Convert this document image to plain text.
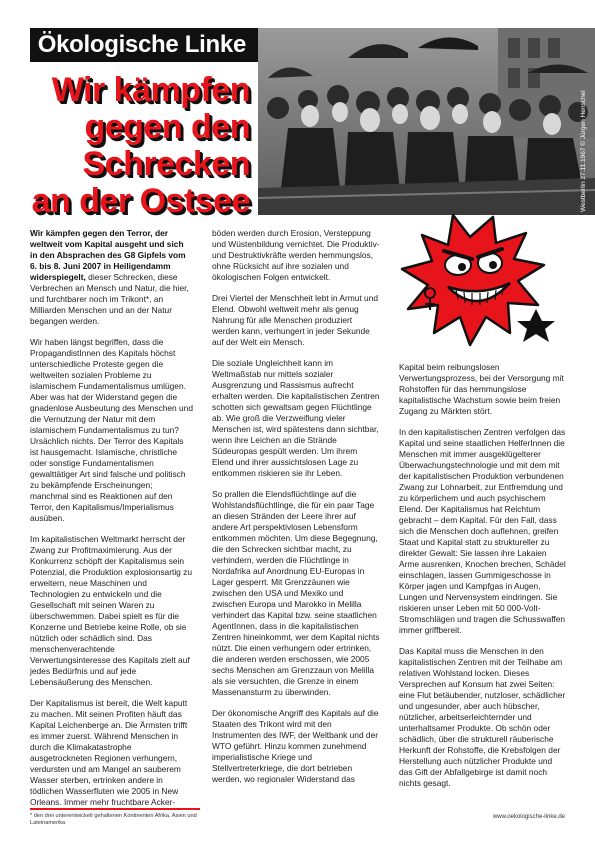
Ökologische Linke
Wir kämpfen
gegen den
Schrecken
an der Ostsee	Westberlin 27.11.1967 © Jürgen Henschel

Wir kämpfen gegen den Terror, der weltweit vom Kapital ausgeht und sich in den Absprachen des G8 Gipfels vom 6. bis 8. Juni 2007 in Heiligendamm widerspiegelt, dieser Schrecken, diese Verbrechen an Mensch und Natur, die hier, und furchtbarer noch im Trikont*, an Milliarden Menschen und an der Natur begangen werden.

Wir haben längst begriffen, dass die PropagandistInnen des Kapitals höchst unterschiedliche Proteste gegen die weltweiten sozialen Probleme zu islamischem Fundamentalismus umlügen. Aber was hat der Widerstand gegen die gnadenlose Ausbeutung des Menschen und die Vernutzung der Natur mit dem islamischem Fundamentalismus zu tun? Ursächlich nichts. Der Terror des Kapitals ist hausgemacht. Islamische, christliche oder sonstige Fundamentalismen gewalttätiger Art sind falsche und politisch zu bekämpfende Erscheinungen; manchmal sind es Reaktionen auf den Terror, den Kapitalismus/Imperialismus ausüben.

Im kapitalistischen Weltmarkt herrscht der Zwang zur Profitmaximierung. Aus der Konkurrenz schöpft der Kapitalismus sein Potenzial, die Produktion explosionsartig zu erweitern, neue Maschinen und Technologien zu entwickeln und die Gesellschaft mit seinen Waren zu überschwemmen. Dabei spielt es für die Konzerne und Betriebe keine Rolle, ob sie nützlich oder schädlich sind. Das menschenverachtende Verwertungsinteresse des Kapitals zielt auf jedes Bedürfnis und auf jede Lebensäußerung des Menschen.

Der Kapitalismus ist bereit, die Welt kaputt zu machen. Mit seinen Profiten häuft das Kapital Leichenberge an. Die Ärmsten trifft es immer zuerst. Während Menschen in durch die Klimakatastrophe ausgetrockneten Regionen verhungern, verdursten und am Mangel an sauberem Wasser sterben, ertrinken andere in tödlichen Wasserfluten wie 2005 in New Orleans. Immer mehr fruchtbare Acker-

böden werden durch Erosion, Versteppung und Wüstenbildung vernichtet. Die Produktiv- und Destruktivkräfte werden hemmungslos, ohne Rücksicht auf ihre sozialen und ökologischen Folgen entwickelt.

Drei Viertel der Menschheit lebt in Armut und Elend. Obwohl weltweit mehr als genug Nahrung für alle Menschen produziert werden kann, verhungert in jeder Sekunde auf der Welt ein Mensch.

Die soziale Ungleichheit kann im Weltmaßstab nur mittels sozialer Ausgrenzung und Rassismus aufrecht erhalten werden. Die kapitalistischen Zentren schotten sich gewaltsam gegen Flüchtlinge ab. Wie groß die Verzweiflung vieler Menschen ist, wird spätestens dann sichtbar, wenn ihre Leichen an die Strände Südeuropas gespült werden. Um ihrem Elend und ihrer aussichtslosen Lage zu entkommen riskieren sie ihr Leben.

So prallen die Elendsflüchtlinge auf die Wohlstandsflüchtlinge, die für ein paar Tage an diesen Stränden der Leere ihrer auf andere Art perspektivlosen Lebensform entkommen möchten. Um diese Begegnung, die den Schrecken sichtbar macht, zu verhindern, werden die Flüchtlinge in Nordafrika auf Anordnung EU-Europas in Lager gesperrt. Mit Grenzzäunen wie zwischen den USA und Mexiko und zwischen Europa und Marokko in Melilla verhindert das Kapital bzw. seine staatlichen AgentInnen, dass in die kapitalistischen Zentren hineinkommt, wer dem Kapital nichts nützt. Die einen verhungern oder ertrinken, die anderen werden erschossen, wie 2005 sechs Menschen am Grenzzaun von Melilla als sie versuchten, die Grenze in einem Massenansturm zu überwinden.

Der ökonomische Angriff des Kapitals auf die Staaten des Trikont wird mit den Instrumenten des IWF, der Weltbank und der WTO geführt. Hinzu kommen zunehmend imperialistische Kriege und Stellvertreterkriege, die dort betrieben werden, wo regionaler Widerstand das

Kapital beim reibungslosen Verwertungsprozess, bei der Versorgung mit Rohstoffen für das hemmungslose kapitalistische Wachstum sowie beim freien Zugang zu Märkten stört.

In den kapitalistischen Zentren verfolgen das Kapital und seine staatlichen HelferInnen die Menschen mit immer ausgeklügelterer Überwachungstechnologie und mit dem mit der kapitalistischen Produktion verbundenen Zwang zur Lohnarbeit, zur Entfremdung und zu körperlichem und auch psychischem Elend. Der Kapitalismus hat Reichtum gebracht – dem Kapital. Für den Fall, dass sich die Menschen doch auflehnen, greifen Staat und Kapital statt zu struktureller zu direkter Gewalt: Sie lassen ihre Lakaien Arme ausrenken, Knochen brechen, Schädel einschlagen, lassen Gummigeschosse in Körper jagen und Kampfgas in Augen, Lungen und Nervensystem eindringen. Sie riskieren unser Leben mit 50 000-Volt-Stromschlägen und tragen die Schusswaffen immer griffbereit.

Das Kapital muss die Menschen in den kapitalistischen Zentren mit der Teilhabe am relativen Wohlstand locken. Dieses Versprechen auf Konsum hat zwei Seiten: eine Flut betäubender, nutzloser, schädlicher und ungesunder, aber auch hübscher, nützlicher, arbeitserleichternder und unterhaltsamer Produkte. Ob schön oder schädlich, über die strukturell räuberische Herkunft der Rohstoffe, die Krebsfolgen der Herstellung auch nützlicher Produkte und das Gift der Abfallgebirge ist damit noch nichts gesagt.

* den drei unterentwickelt gehaltenen Kontinenten Afrika, Asien und Lateinamerika
www.oekologische-linke.de
